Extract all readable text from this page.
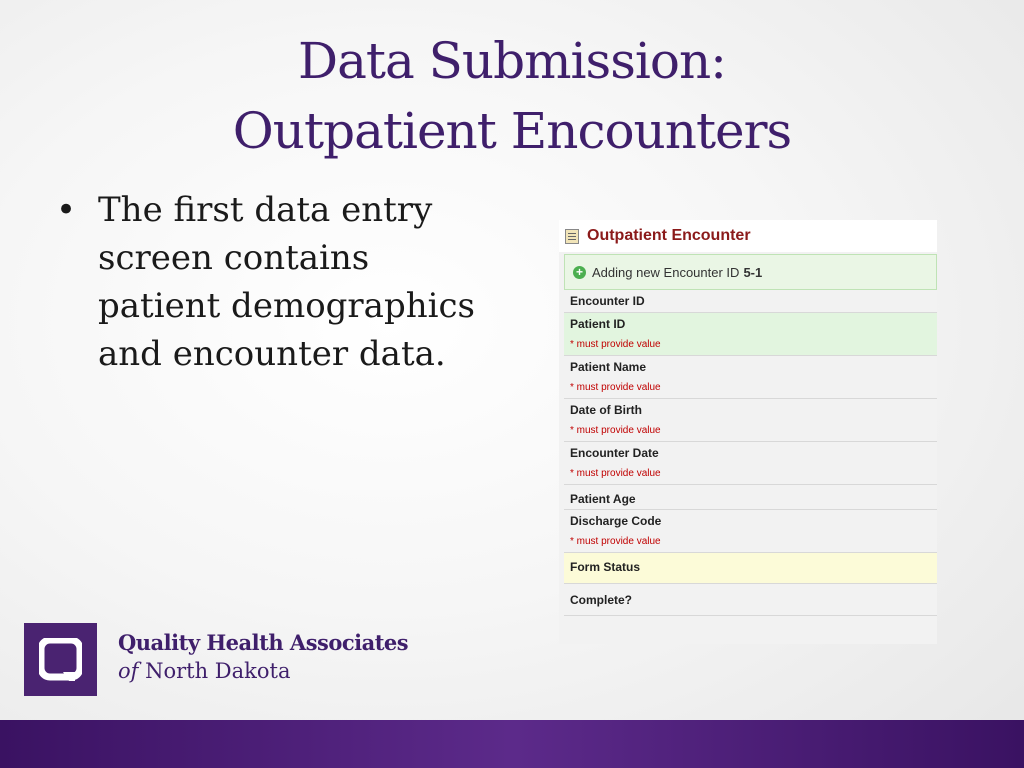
Data Submission:
Outpatient Encounters
• The first data entry screen contains patient demographics and encounter data.
Outpatient Encounter
+ Adding new Encounter ID 5-1
Encounter ID
Patient ID
* must provide value
Patient Name
* must provide value
Date of Birth
* must provide value
Encounter Date
* must provide value
Patient Age
Discharge Code
* must provide value
Form Status
Complete?
Quality Health Associates
of North Dakota
